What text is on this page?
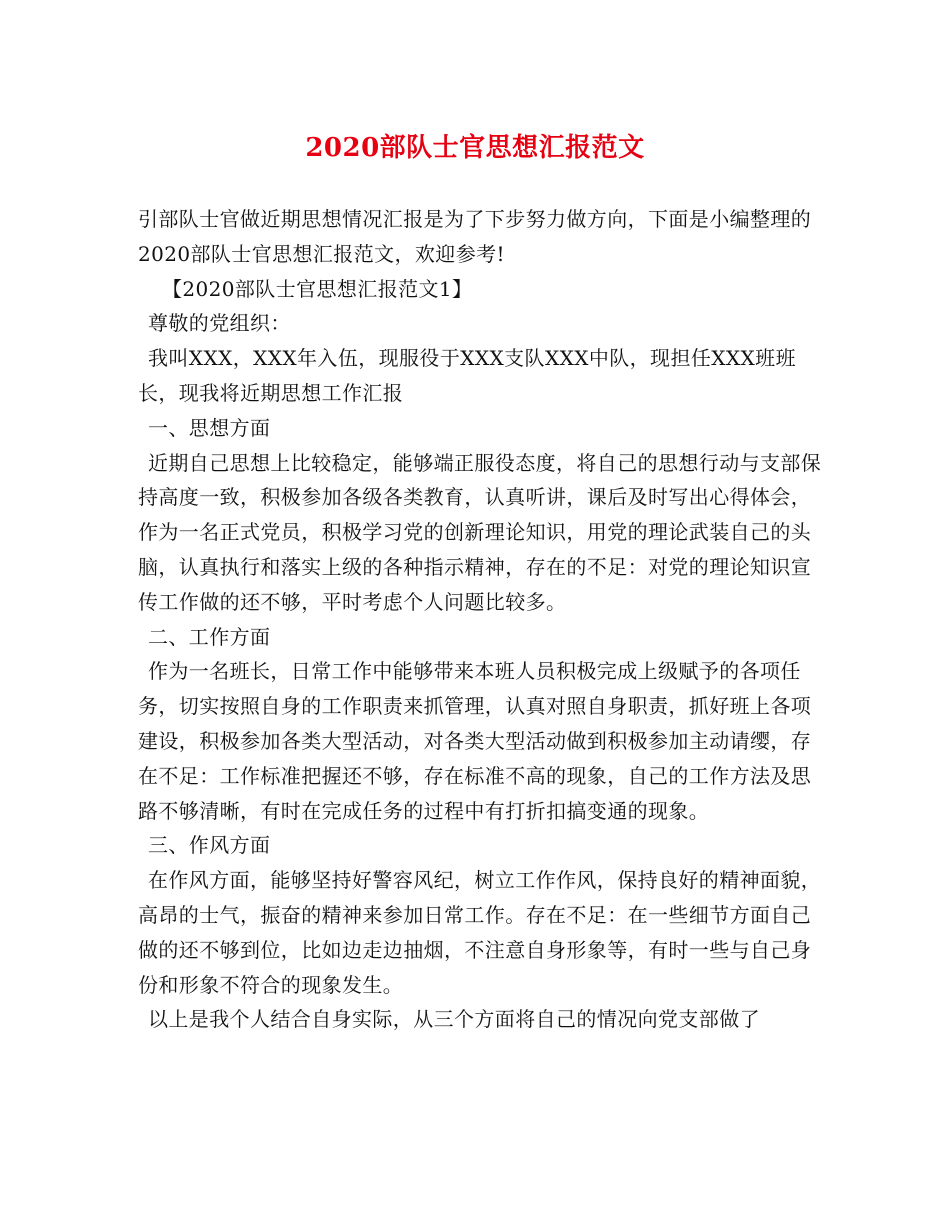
2020部队士官思想汇报范文

引部队士官做近期思想情况汇报是为了下步努力做方向，下面是小编整理的2020部队士官思想汇报范文，欢迎参考!

【2020部队士官思想汇报范文1】

尊敬的党组织：

我叫XXX，XXX年入伍，现服役于XXX支队XXX中队，现担任XXX班班长，现我将近期思想工作汇报

一、思想方面

近期自己思想上比较稳定，能够端正服役态度，将自己的思想行动与支部保持高度一致，积极参加各级各类教育，认真听讲，课后及时写出心得体会，作为一名正式党员，积极学习党的创新理论知识，用党的理论武装自己的头脑，认真执行和落实上级的各种指示精神，存在的不足：对党的理论知识宣传工作做的还不够，平时考虑个人问题比较多。

二、工作方面

作为一名班长，日常工作中能够带来本班人员积极完成上级赋予的各项任务，切实按照自身的工作职责来抓管理，认真对照自身职责，抓好班上各项建设，积极参加各类大型活动，对各类大型活动做到积极参加主动请缨，存在不足：工作标准把握还不够，存在标准不高的现象，自己的工作方法及思路不够清晰，有时在完成任务的过程中有打折扣搞变通的现象。

三、作风方面

在作风方面，能够坚持好警容风纪，树立工作作风，保持良好的精神面貌，高昂的士气，振奋的精神来参加日常工作。存在不足：在一些细节方面自己做的还不够到位，比如边走边抽烟，不注意自身形象等，有时一些与自己身份和形象不符合的现象发生。

以上是我个人结合自身实际，从三个方面将自己的情况向党支部做了
